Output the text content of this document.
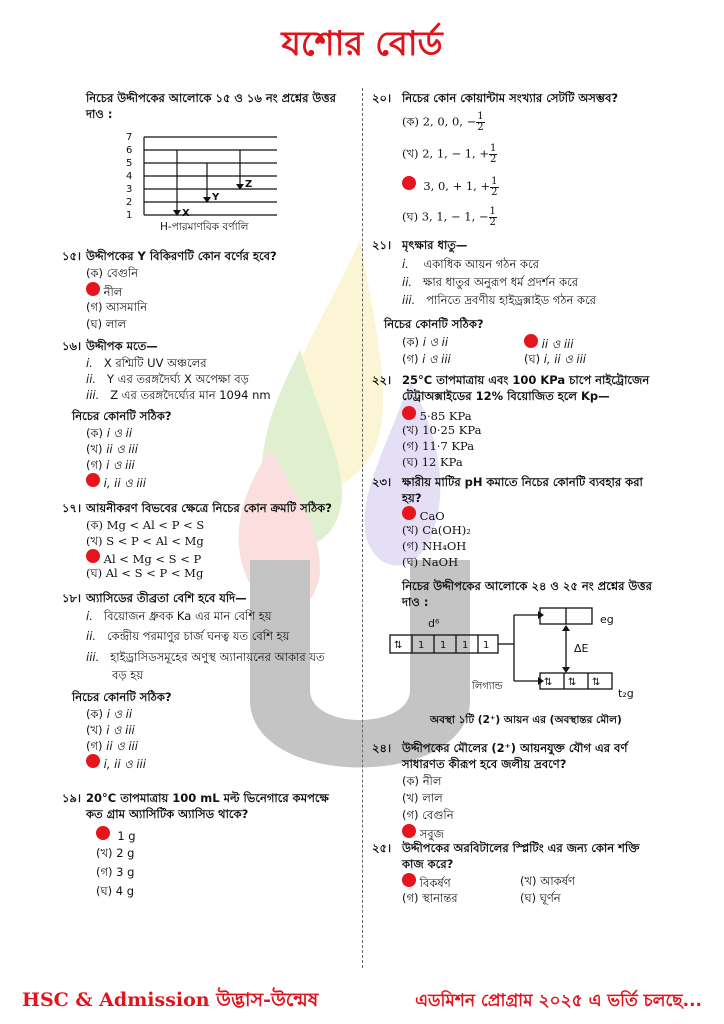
যশোর বোর্ড
নিচের উদ্দীপকের আলোকে ১৫ ও ১৬ নং প্রশ্নের উত্তর
দাও :
7
6
5
4
3
2
1	X
Y
Z
H-পারমাণবিক বর্ণালি
১৫। উদ্দীপকের Y বিকিরণটি কোন বর্ণের হবে?
(ক) বেগুনি
নীল
(গ) আসমানি
(ঘ) লাল
১৬। উদ্দীপক মতে—
i. X রশ্মিটি UV অঞ্চলের
ii. Y এর তরঙ্গদৈর্ঘ্য X অপেক্ষা বড়
iii. Z এর তরঙ্গদৈর্ঘ্যের মান 1094 nm
নিচের কোনটি সঠিক?
(ক) i ও ii
(খ) ii ও iii
(গ) i ও iii
i, ii ও iii
১৭। আয়নীকরণ বিভবের ক্ষেত্রে নিচের কোন ক্রমটি সঠিক?
(ক) Mg < Al < P < S
(খ) S < P < Al < Mg
Al < Mg < S < P
(ঘ) Al < S < P < Mg
১৮। অ্যাসিডের তীব্রতা বেশি হবে যদি—
i. বিয়োজন ধ্রুবক Ka এর মান বেশি হয়
ii. কেন্দ্রীয় পরমাণুর চার্জ ঘনত্ব যত বেশি হয়
iii. হাইড্রাসিডসমূহের অণুস্থ অ্যানায়নের আকার যত
বড় হয়
নিচের কোনটি সঠিক?
(ক) i ও ii
(খ) i ও iii
(গ) ii ও iii
i, ii ও iii
১৯। 20°C তাপমাত্রায় 100 mL মল্ট ভিনেগারে কমপক্ষে
কত গ্রাম অ্যাসিটিক অ্যাসিড থাকে?
1 g
(খ) 2 g
(গ) 3 g
(ঘ) 4 g
২০। নিচের কোন কোয়ান্টাম সংখ্যার সেটটি অসম্ভব?
(ক) 2, 0, 0, − $\frac{1}{2}$
(খ) 2, 1, − 1, + $\frac{1}{2}$
3, 0, + 1, + $\frac{1}{2}$
(ঘ) 3, 1, − 1, − $\frac{1}{2}$
২১। মৃৎক্ষার ধাতু—
i. একাধিক আয়ন গঠন করে
ii. ক্ষার ধাতুর অনুরূপ ধর্ম প্রদর্শন করে
iii. পানিতে দ্রবণীয় হাইড্রক্সাইড গঠন করে
নিচের কোনটি সঠিক?
(ক) i ও ii	ii ও iii
(গ) i ও iii	(ঘ) i, ii ও iii
২২। 25°C তাপমাত্রায় এবং 100 KPa চাপে নাইট্রোজেন
টেট্রাঅক্সাইডের 12% বিয়োজিত হলে Kp—
5·85 KPa
(খ) 10·25 KPa
(গ) 11·7 KPa
(ঘ) 12 KPa
২৩। ক্ষারীয় মাটির pH কমাতে নিচের কোনটি ব্যবহার করা
হয়?
CaO
(খ) Ca(OH)₂
(গ) NH₄OH
(ঘ) NaOH
নিচের উদ্দীপকের আলোকে ২৪ ও ২৫ নং প্রশ্নের উত্তর
দাও :
d⁶	eg
ΔE
লিগ্যান্ড
t₂g
⇅ 1 1 1 1
⇅ ⇅ ⇅
অবস্থা ১টি (2⁺) আয়ন এর (অবস্থান্তর মৌল)
২৪। উদ্দীপকের মৌলের (2⁺) আয়নযুক্ত যৌগ এর বর্ণ
সাধারণত কীরূপ হবে জলীয় দ্রবণে?
(ক) নীল
(খ) লাল
(গ) বেগুনি
সবুজ
২৫। উদ্দীপকের অরবিটালের স্প্লিটিং এর জন্য কোন শক্তি
কাজ করে?
বিকর্ষণ	(খ) আকর্ষণ
(গ) স্থানান্তর	(ঘ) ঘূর্ণন
HSC & Admission উদ্ভাস-উন্মেষ	এডমিশন প্রোগ্রাম ২০২৫ এ ভর্তি চলছে...
